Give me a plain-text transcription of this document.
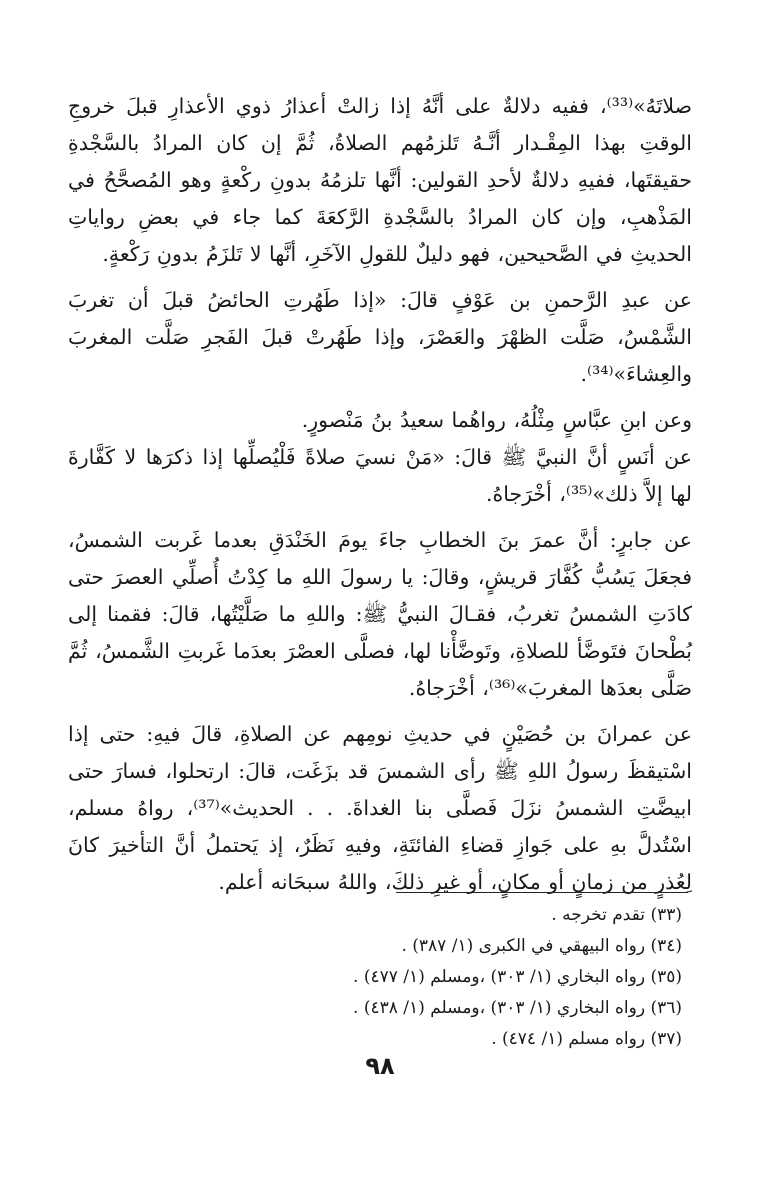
صلاتَهُ»⁽³³⁾، ففيه دلالةٌ على أنَّهُ إذا زالتْ أعذارُ ذوي الأعذارِ قبلَ خروجِ الوقتِ بهذا المِقْـدار أنَّـهُ تَلزمُهم الصلاةُ، ثُمَّ إن كان المرادُ بالسَّجْدةِ حقيقتَها، ففيهِ دلالةٌ لأحدِ القولين: أنَّها تلزمُهُ بدونِ ركْعةٍ وهو المُصحَّحُ في المَذْهبِ، وإن كان المرادُ بالسَّجْدةِ الرَّكعَةَ كما جاء في بعضِ رواياتِ الحديثِ في الصَّحيحين، فهو دليلٌ للقولِ الآخَرِ، أنَّها لا تَلزَمُ بدونِ رَكْعةٍ.

عن عبدِ الرَّحمنِ بن عَوْفٍ قالَ: «إذا طَهُرتِ الحائضُ قبلَ أن تغربَ الشَّمْسُ، صَلَّت الظهْرَ والعَصْرَ، وإذا طَهُرتْ قبلَ الفَجرِ صَلَّت المغربَ والعِشاءَ»⁽³⁴⁾.

وعن ابنِ عبَّاسٍ مِثْلُهُ، رواهُما سعيدُ بنُ مَنْصورٍ.

عن أنَسٍ أنَّ النبيَّ ﷺ قالَ: «مَنْ نسيَ صلاةً فَلْيُصلِّها إذا ذكرَها لا كَفَّارةَ لها إلاَّ ذلك»⁽³⁵⁾، أخْرَجاهُ.

عن جابرٍ: أنَّ عمرَ بنَ الخطابِ جاءَ يومَ الخَنْدَقِ بعدما غَربت الشمسُ، فجعَلَ يَسُبُّ كُفَّارَ قريشٍ، وقالَ: يا رسولَ اللهِ ما كِدْتُ أُصلِّي العصرَ حتى كادَتِ الشمسُ تغربُ، فقـالَ النبيُّ ﷺ: واللهِ ما صَلَّيْتُها، قالَ: فقمنا إلى بُطْحانَ فتَوضَّأ للصلاةِ، وتَوضَّأْنا لها، فصلَّى العصْرَ بعدَما غَربتِ الشَّمسُ، ثُمَّ صَلَّى بعدَها المغربَ»⁽³⁶⁾، أخْرَجاهُ.

عن عمرانَ بن حُصَيْنٍ في حديثِ نومِهم عن الصلاةِ، قالَ فيهِ: حتى إذا اسْتيقظَ رسولُ اللهِ ﷺ رأى الشمسَ قد بزَغَت، قالَ: ارتحلوا، فسارَ حتى ابيضَّتِ الشمسُ نزَلَ فَصلَّى بنا الغداةَ. . . الحديث»⁽³⁷⁾، رواهُ مسلم، اسْتُدلَّ بهِ على جَوازِ قضاءِ الفائتَةِ، وفيهِ نَظَرٌ، إذ يَحتملُ أنَّ التأخيرَ كانَ لِعُذرٍ من زمانٍ أو مكانٍ، أو غيرِ ذلكَ، واللهُ سبحَانه أعلم.

(٣٣) تقدم تخرجه .

(٣٤) رواه البيهقي في الكبرى (١/ ٣٨٧) .

(٣٥) رواه البخاري (١/ ٣٠٣) ،ومسلم (١/ ٤٧٧) .

(٣٦) رواه البخاري (١/ ٣٠٣) ،ومسلم (١/ ٤٣٨) .

(٣٧) رواه مسلم (١/ ٤٧٤) .

٩٨
